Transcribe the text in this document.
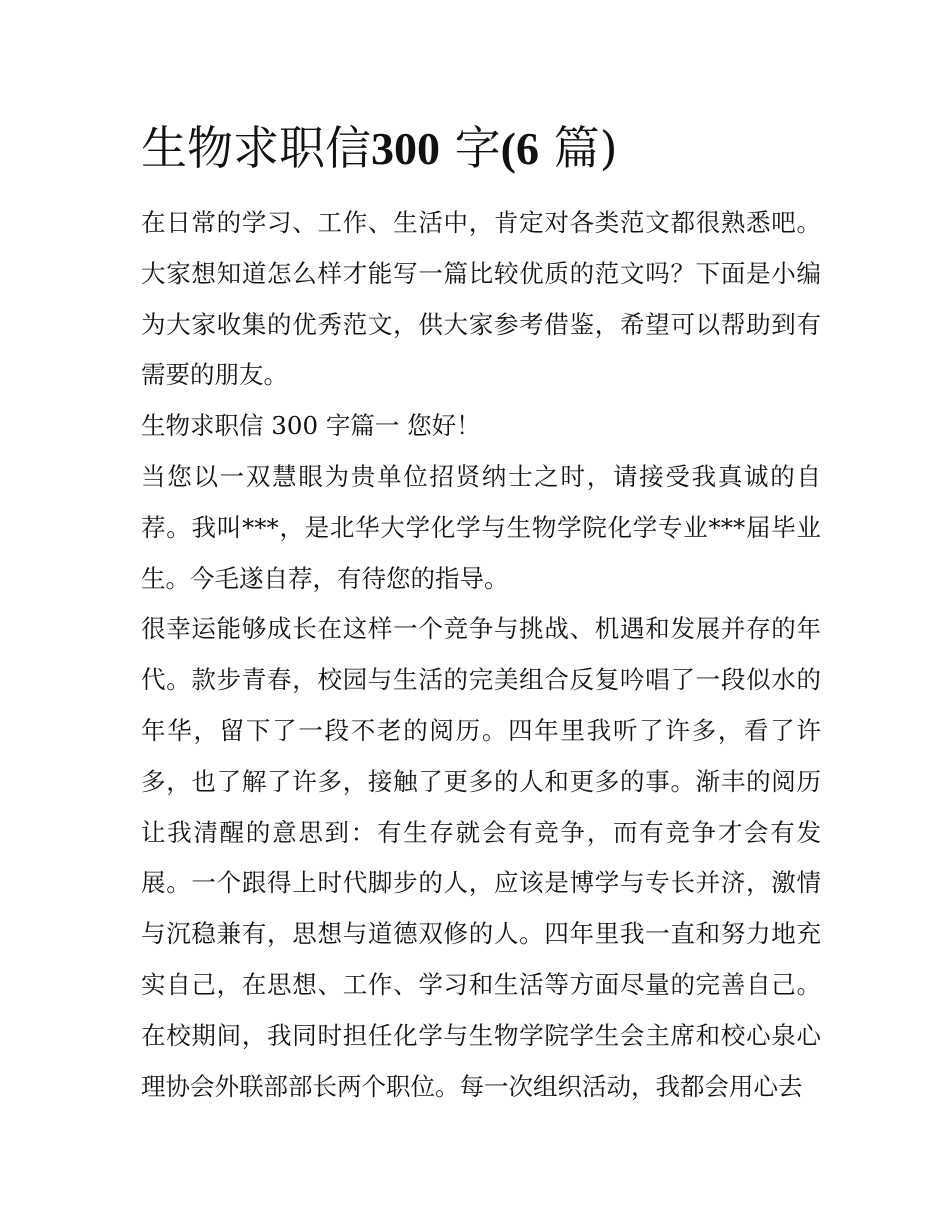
生物求职信300 字(6 篇)

在日常的学习、工作、生活中，肯定对各类范文都很熟悉吧。大家想知道怎么样才能写一篇比较优质的范文吗？下面是小编为大家收集的优秀范文，供大家参考借鉴，希望可以帮助到有需要的朋友。

生物求职信 300 字篇一 您好！

当您以一双慧眼为贵单位招贤纳士之时，请接受我真诚的自荐。我叫***，是北华大学化学与生物学院化学专业***届毕业生。今毛遂自荐，有待您的指导。

很幸运能够成长在这样一个竞争与挑战、机遇和发展并存的年代。款步青春，校园与生活的完美组合反复吟唱了一段似水的年华，留下了一段不老的阅历。四年里我听了许多，看了许多，也了解了许多，接触了更多的人和更多的事。渐丰的阅历让我清醒的意思到：有生存就会有竞争，而有竞争才会有发展。一个跟得上时代脚步的人，应该是博学与专长并济，激情与沉稳兼有，思想与道德双修的人。四年里我一直和努力地充实自己，在思想、工作、学习和生活等方面尽量的完善自己。在校期间，我同时担任化学与生物学院学生会主席和校心泉心理协会外联部部长两个职位。每一次组织活动，我都会用心去
